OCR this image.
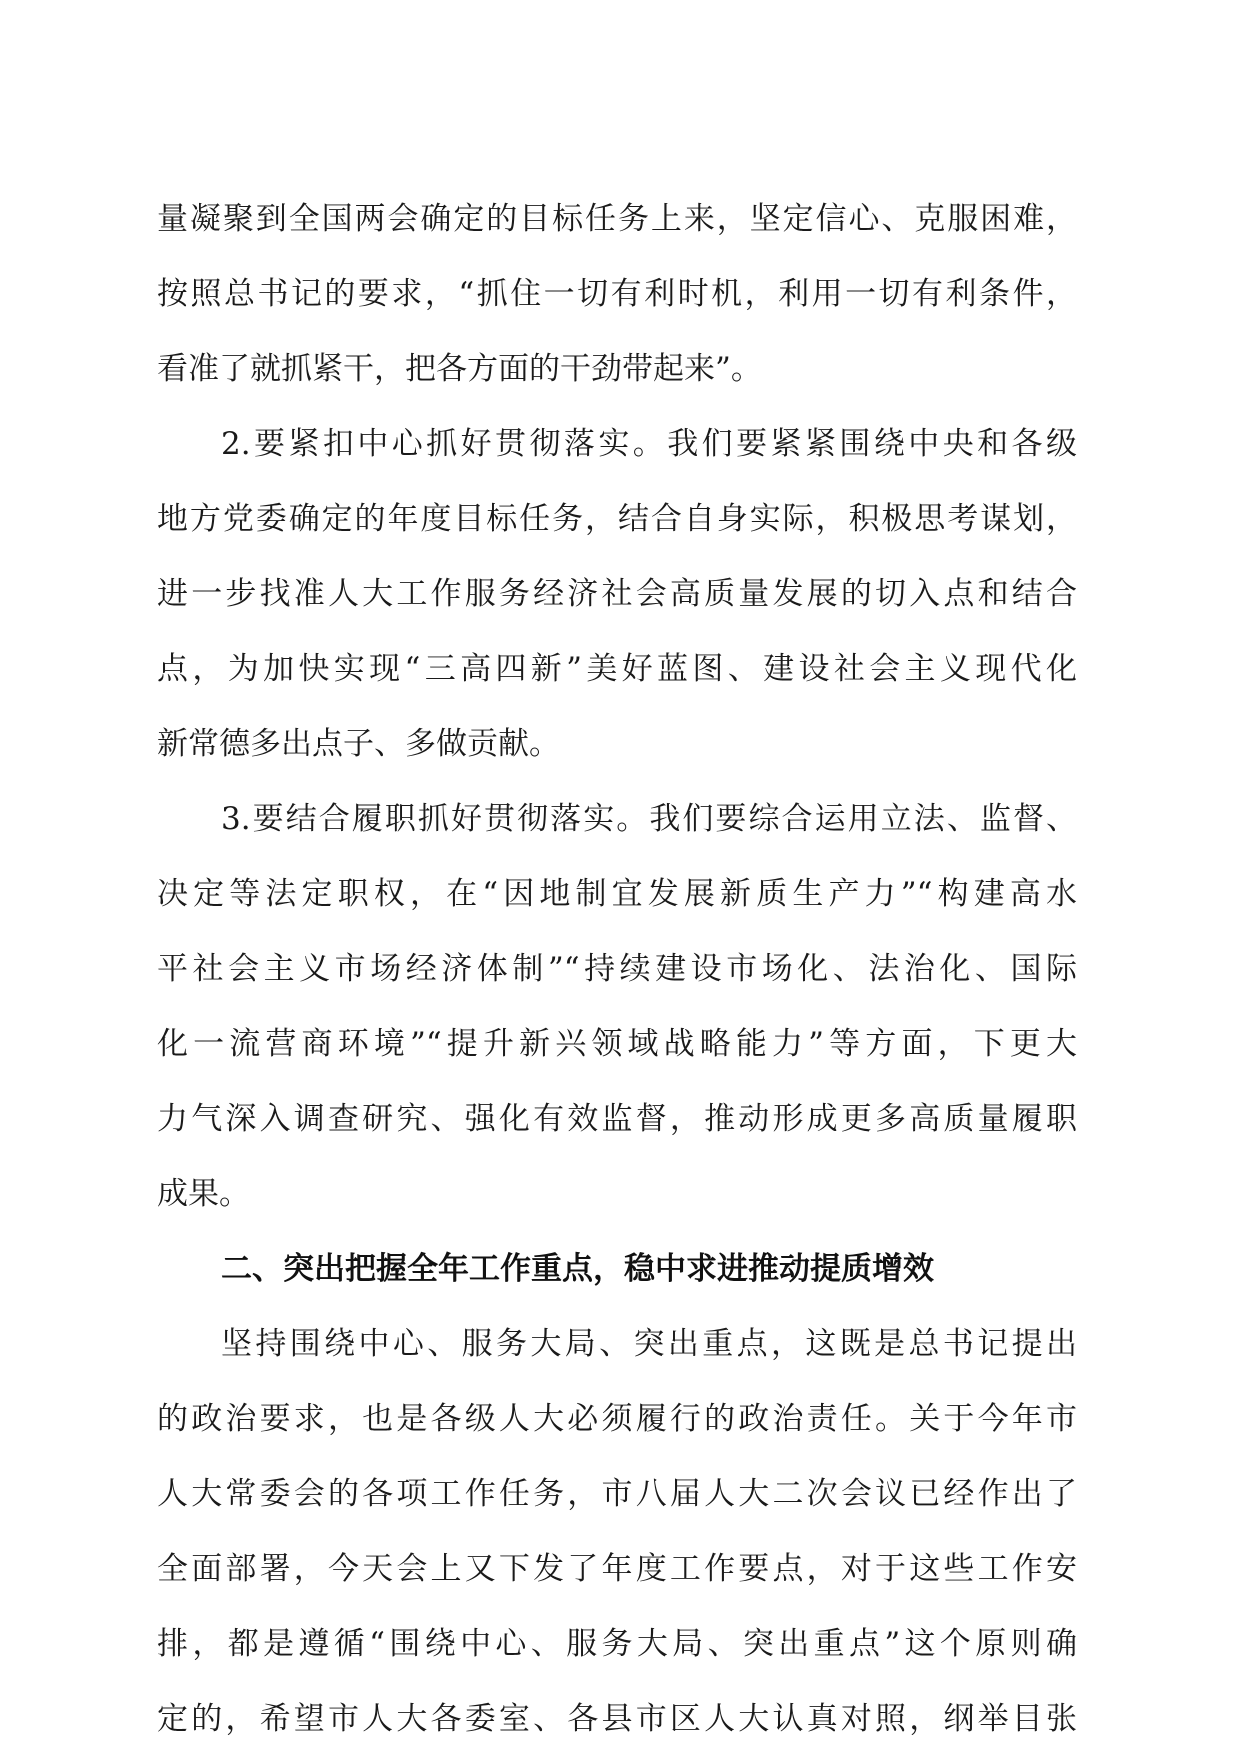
量凝聚到全国两会确定的目标任务上来，坚定信心、克服困难，
按照总书记的要求，“抓住一切有利时机，利用一切有利条件，
看准了就抓紧干，把各方面的干劲带起来”。
2.要紧扣中心抓好贯彻落实。我们要紧紧围绕中央和各级
地方党委确定的年度目标任务，结合自身实际，积极思考谋划，
进一步找准人大工作服务经济社会高质量发展的切入点和结合
点，为加快实现“三高四新”美好蓝图、建设社会主义现代化
新常德多出点子、多做贡献。
3.要结合履职抓好贯彻落实。我们要综合运用立法、监督、
决定等法定职权，在“因地制宜发展新质生产力”“构建高水
平社会主义市场经济体制”“持续建设市场化、法治化、国际
化一流营商环境”“提升新兴领域战略能力”等方面，下更大
力气深入调查研究、强化有效监督，推动形成更多高质量履职
成果。
二、突出把握全年工作重点，稳中求进推动提质增效
坚持围绕中心、服务大局、突出重点，这既是总书记提出
的政治要求，也是各级人大必须履行的政治责任。关于今年市
人大常委会的各项工作任务，市八届人大二次会议已经作出了
全面部署，今天会上又下发了年度工作要点，对于这些工作安
排，都是遵循“围绕中心、服务大局、突出重点”这个原则确
定的，希望市人大各委室、各县市区人大认真对照，纲举目张
